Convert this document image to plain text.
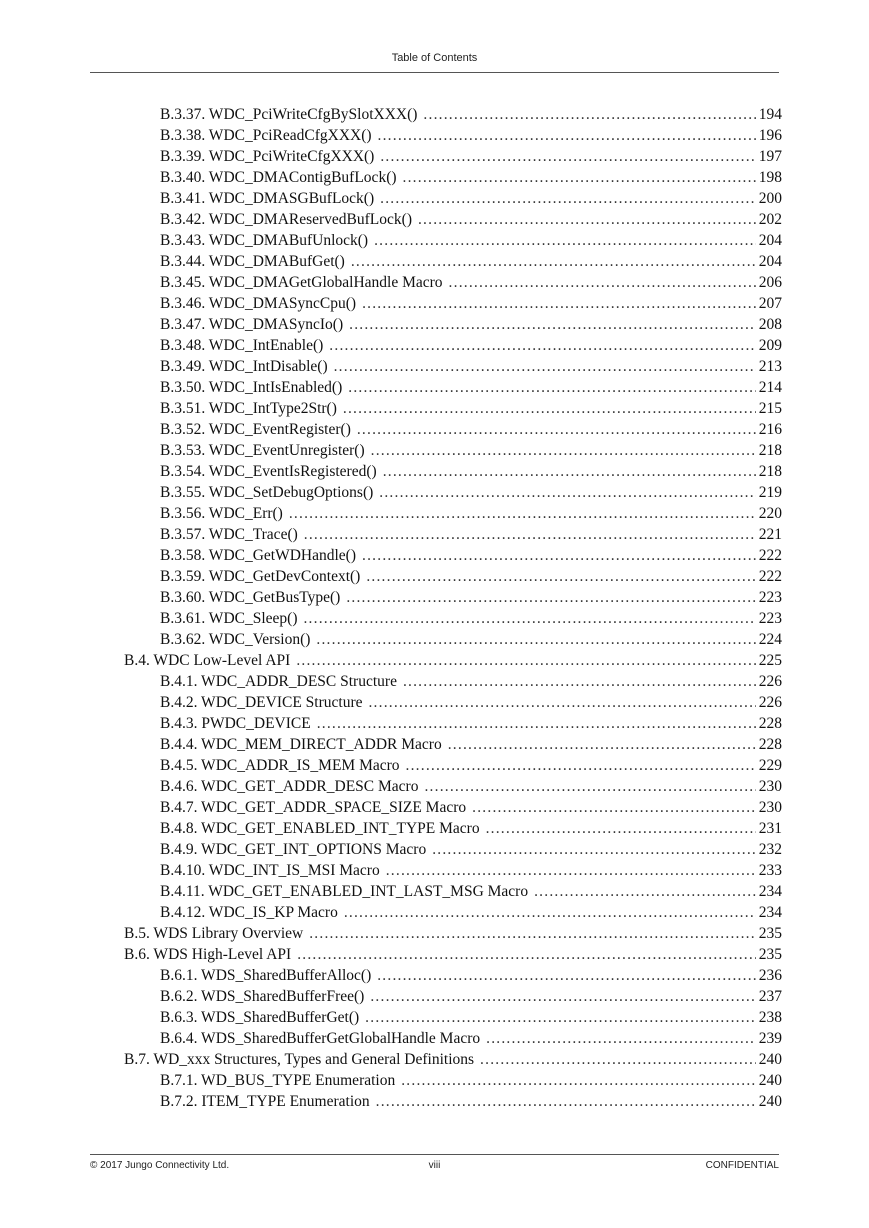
Table of Contents
B.3.37. WDC_PciWriteCfgBySlotXXX() .....	194
B.3.38. WDC_PciReadCfgXXX() .....	196
B.3.39. WDC_PciWriteCfgXXX() .....	197
B.3.40. WDC_DMAContigBufLock() .....	198
B.3.41. WDC_DMASGBufLock() .....	200
B.3.42. WDC_DMAReservedBufLock() .....	202
B.3.43. WDC_DMABufUnlock() .....	204
B.3.44. WDC_DMABufGet() .....	204
B.3.45. WDC_DMAGetGlobalHandle Macro .....	206
B.3.46. WDC_DMASyncCpu() .....	207
B.3.47. WDC_DMASyncIo() .....	208
B.3.48. WDC_IntEnable() .....	209
B.3.49. WDC_IntDisable() .....	213
B.3.50. WDC_IntIsEnabled() .....	214
B.3.51. WDC_IntType2Str() .....	215
B.3.52. WDC_EventRegister() .....	216
B.3.53. WDC_EventUnregister() .....	218
B.3.54. WDC_EventIsRegistered() .....	218
B.3.55. WDC_SetDebugOptions() .....	219
B.3.56. WDC_Err() .....	220
B.3.57. WDC_Trace() .....	221
B.3.58. WDC_GetWDHandle() .....	222
B.3.59. WDC_GetDevContext() .....	222
B.3.60. WDC_GetBusType() .....	223
B.3.61. WDC_Sleep() .....	223
B.3.62. WDC_Version() .....	224
B.4. WDC Low-Level API .....	225
B.4.1. WDC_ADDR_DESC Structure .....	226
B.4.2. WDC_DEVICE Structure .....	226
B.4.3. PWDC_DEVICE .....	228
B.4.4. WDC_MEM_DIRECT_ADDR Macro .....	228
B.4.5. WDC_ADDR_IS_MEM Macro .....	229
B.4.6. WDC_GET_ADDR_DESC Macro .....	230
B.4.7. WDC_GET_ADDR_SPACE_SIZE Macro .....	230
B.4.8. WDC_GET_ENABLED_INT_TYPE Macro .....	231
B.4.9. WDC_GET_INT_OPTIONS Macro .....	232
B.4.10. WDC_INT_IS_MSI Macro .....	233
B.4.11. WDC_GET_ENABLED_INT_LAST_MSG Macro .....	234
B.4.12. WDC_IS_KP Macro .....	234
B.5. WDS Library Overview .....	235
B.6. WDS High-Level API .....	235
B.6.1. WDS_SharedBufferAlloc() .....	236
B.6.2. WDS_SharedBufferFree() .....	237
B.6.3. WDS_SharedBufferGet() .....	238
B.6.4. WDS_SharedBufferGetGlobalHandle Macro .....	239
B.7. WD_xxx Structures, Types and General Definitions .....	240
B.7.1. WD_BUS_TYPE Enumeration .....	240
B.7.2. ITEM_TYPE Enumeration .....	240
© 2017 Jungo Connectivity Ltd.	viii	CONFIDENTIAL
